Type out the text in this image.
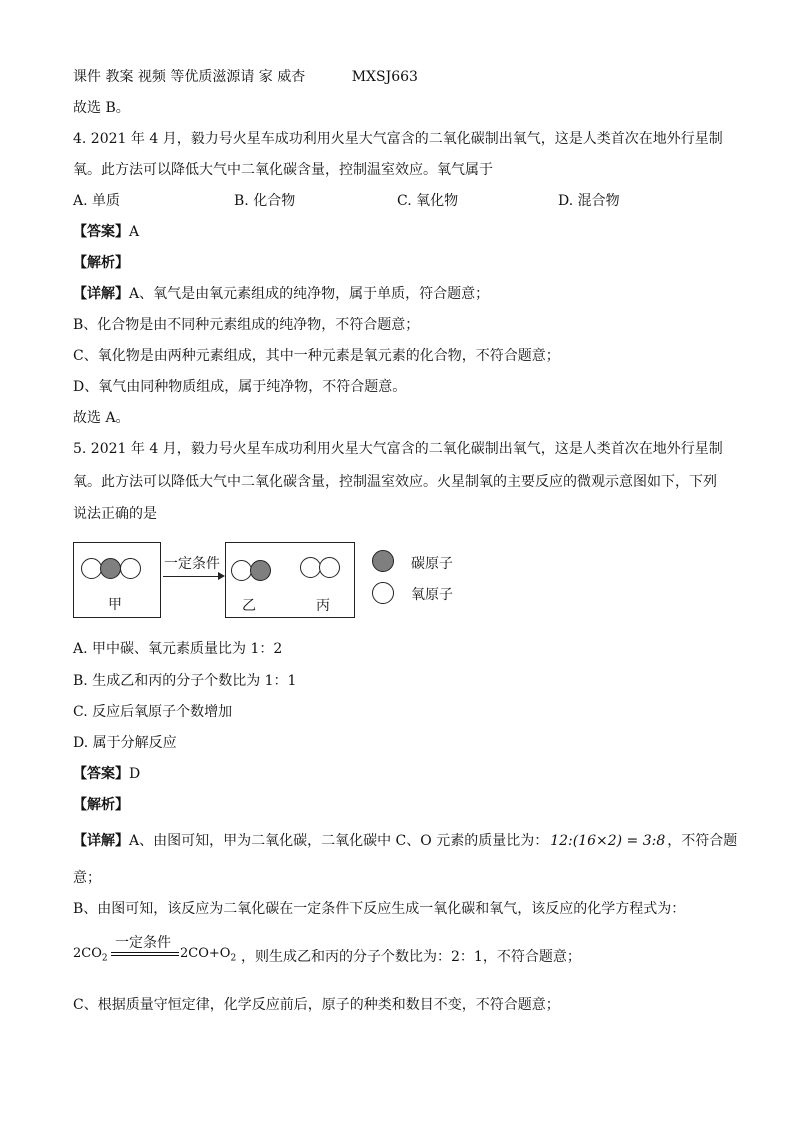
课件 教案 视频 等优质滋源请 家 威杏	MXSJ663
故选 B。
4. 2021 年 4 月，毅力号火星车成功利用火星大气富含的二氧化碳制出氧气，这是人类首次在地外行星制
氧。此方法可以降低大气中二氧化碳含量，控制温室效应。氧气属于
A. 单质	B. 化合物	C. 氧化物	D. 混合物
【答案】A
【解析】
【详解】A、氧气是由氧元素组成的纯净物，属于单质，符合题意；
B、化合物是由不同种元素组成的纯净物，不符合题意；
C、氧化物是由两种元素组成，其中一种元素是氧元素的化合物，不符合题意；
D、氧气由同种物质组成，属于纯净物，不符合题意。
故选 A。
5. 2021 年 4 月，毅力号火星车成功利用火星大气富含的二氧化碳制出氧气，这是人类首次在地外行星制
氧。此方法可以降低大气中二氧化碳含量，控制温室效应。火星制氧的主要反应的微观示意图如下，下列
说法正确的是
甲
一定条件
乙	丙
碳原子
氧原子
A. 甲中碳、氧元素质量比为 1：2
B. 生成乙和丙的分子个数比为 1：1
C. 反应后氧原子个数增加
D. 属于分解反应
【答案】D
【解析】
【详解】A、由图可知，甲为二氧化碳，二氧化碳中 C、O 元素的质量比为： 12:(16×2) = 3:8 ，不符合题
意；
B、由图可知，该反应为二氧化碳在一定条件下反应生成一氧化碳和氧气，该反应的化学方程式为：
$2CO_2$
一定条件
$2CO+O_2$ ，则生成乙和丙的分子个数比为：2：1，不符合题意；
C、根据质量守恒定律，化学反应前后，原子的种类和数目不变，不符合题意；
